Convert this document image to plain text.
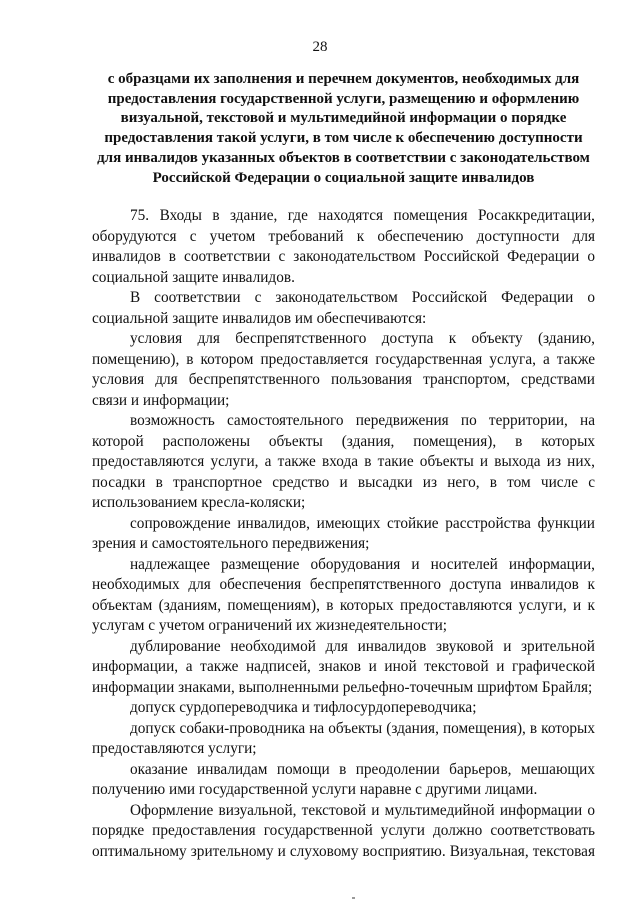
28
с образцами их заполнения и перечнем документов, необходимых для предоставления государственной услуги, размещению и оформлению визуальной, текстовой и мультимедийной информации о порядке предоставления такой услуги, в том числе к обеспечению доступности для инвалидов указанных объектов в соответствии с законодательством Российской Федерации о социальной защите инвалидов

75. Входы в здание, где находятся помещения Росаккредитации, оборудуются с учетом требований к обеспечению доступности для инвалидов в соответствии с законодательством Российской Федерации о социальной защите инвалидов.

В соответствии с законодательством Российской Федерации о социальной защите инвалидов им обеспечиваются:

условия для беспрепятственного доступа к объекту (зданию, помещению), в котором предоставляется государственная услуга, а также условия для беспрепятственного пользования транспортом, средствами связи и информации;

возможность самостоятельного передвижения по территории, на которой расположены объекты (здания, помещения), в которых предоставляются услуги, а также входа в такие объекты и выхода из них, посадки в транспортное средство и высадки из него, в том числе с использованием кресла-коляски;

сопровождение инвалидов, имеющих стойкие расстройства функции зрения и самостоятельного передвижения;

надлежащее размещение оборудования и носителей информации, необходимых для обеспечения беспрепятственного доступа инвалидов к объектам (зданиям, помещениям), в которых предоставляются услуги, и к услугам с учетом ограничений их жизнедеятельности;

дублирование необходимой для инвалидов звуковой и зрительной информации, а также надписей, знаков и иной текстовой и графической информации знаками, выполненными рельефно-точечным шрифтом Брайля;

допуск сурдопереводчика и тифлосурдопереводчика;

допуск собаки-проводника на объекты (здания, помещения), в которых предоставляются услуги;

оказание инвалидам помощи в преодолении барьеров, мешающих получению ими государственной услуги наравне с другими лицами.

Оформление визуальной, текстовой и мультимедийной информации о порядке предоставления государственной услуги должно соответствовать оптимальному зрительному и слуховому восприятию. Визуальная, текстовая
